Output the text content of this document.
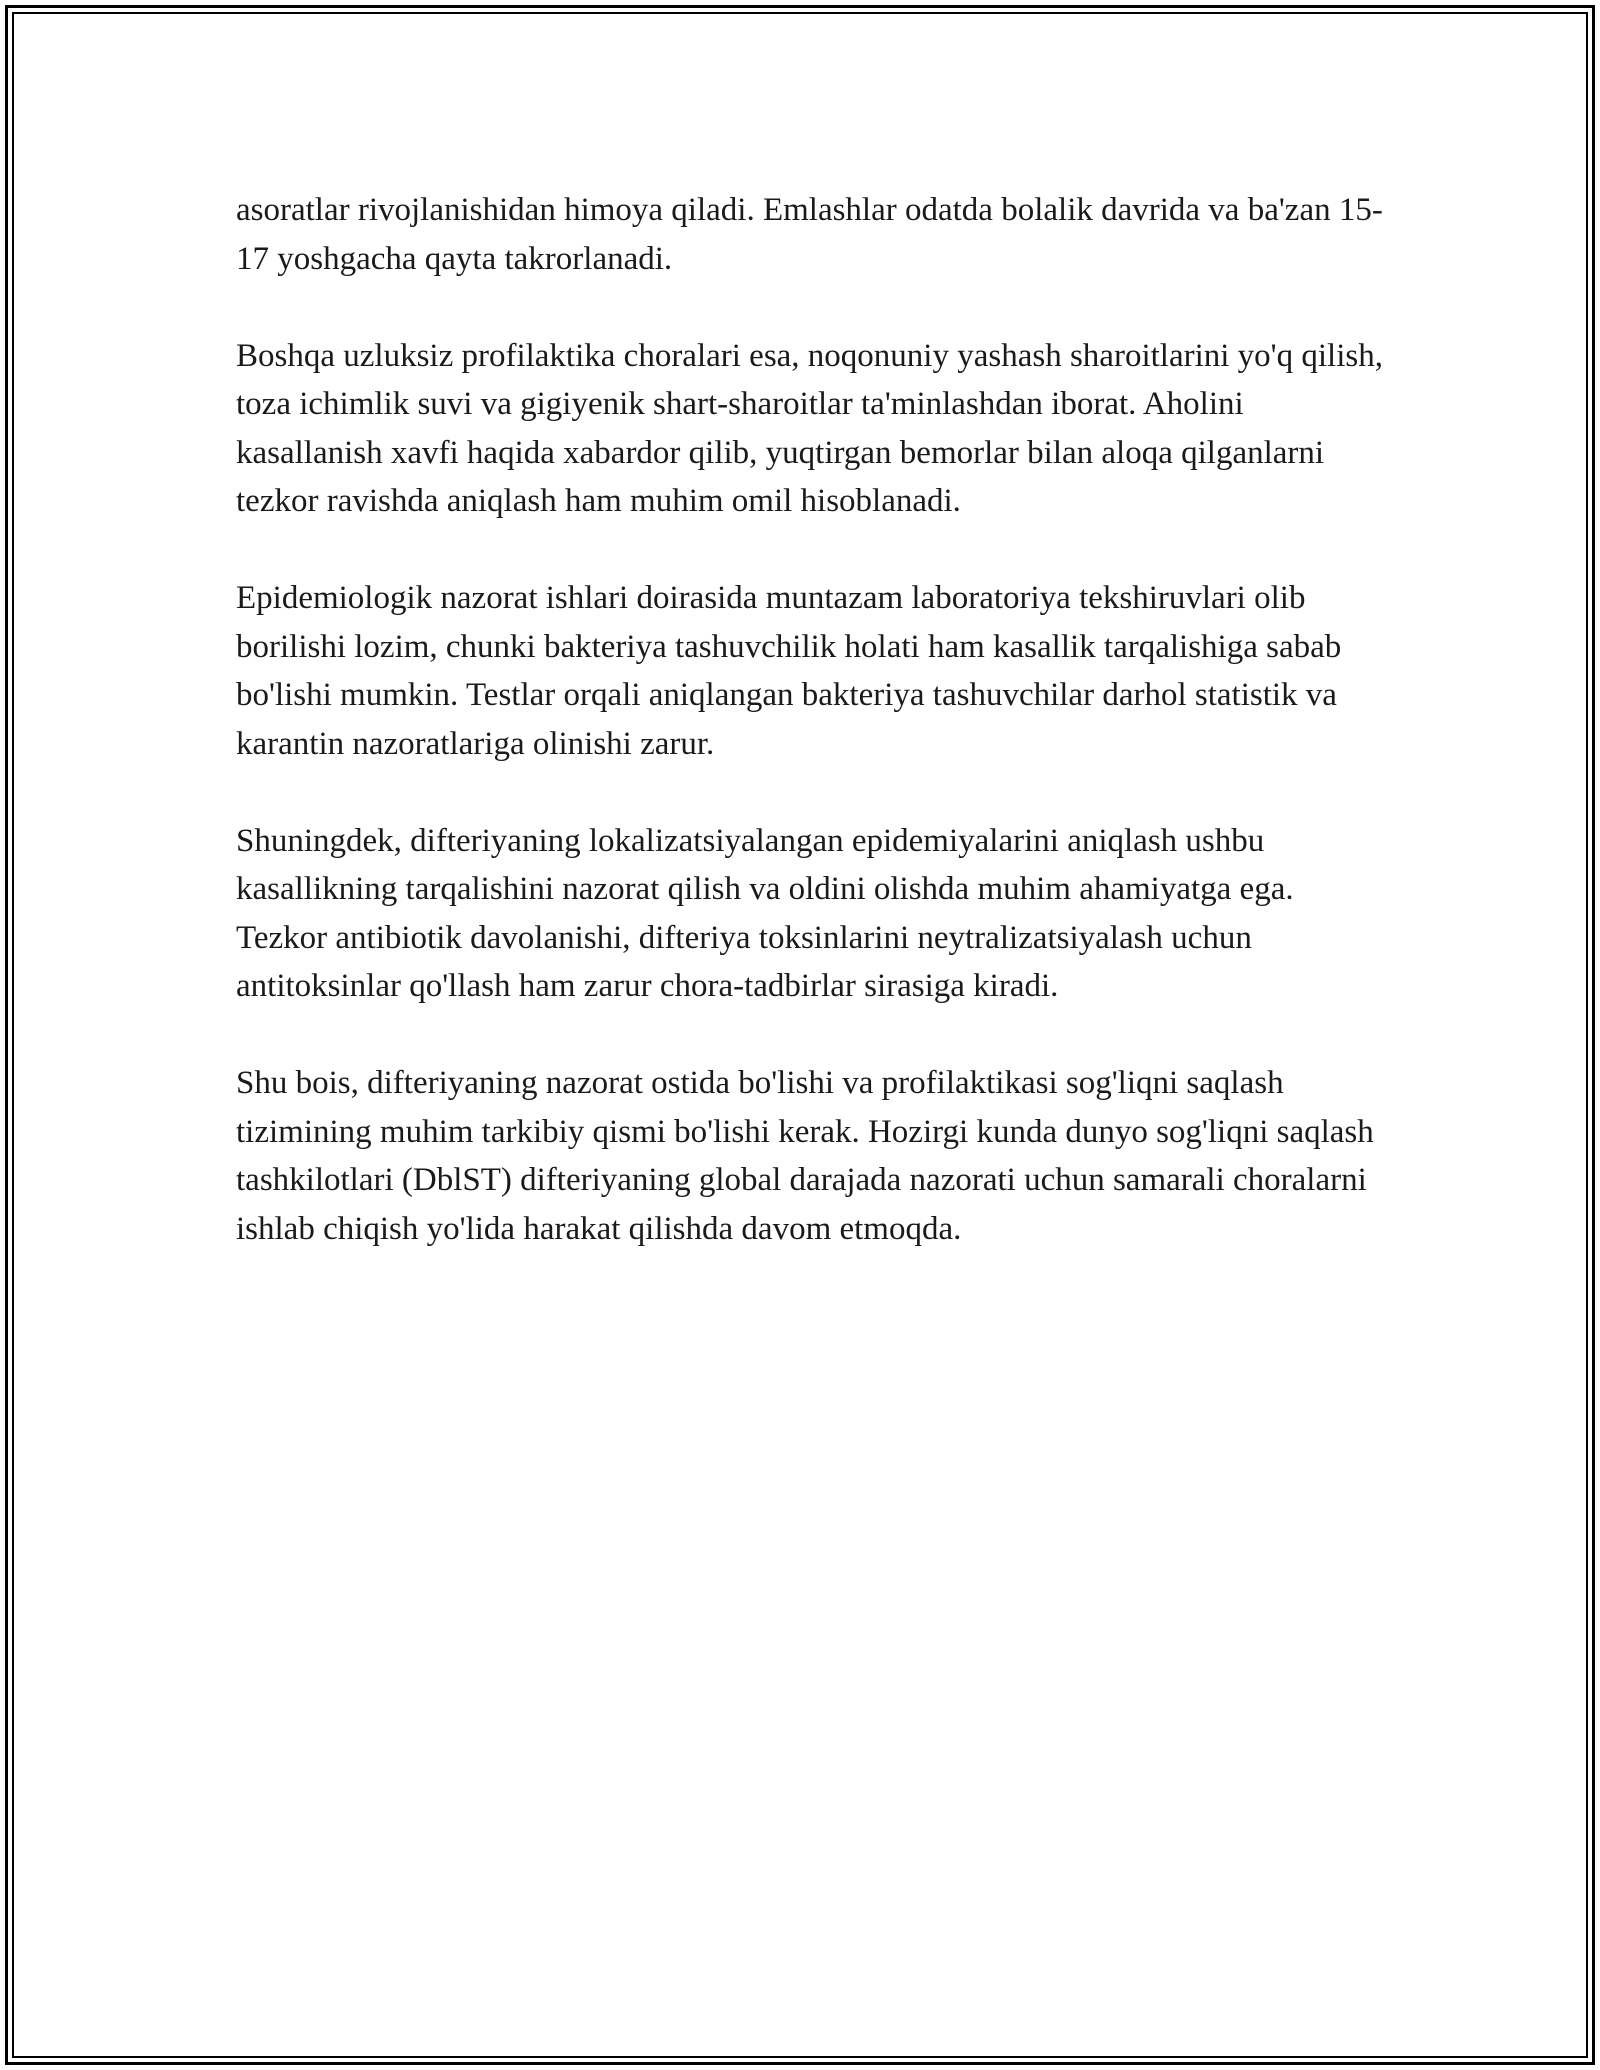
asoratlar rivojlanishidan himoya qiladi. Emlashlar odatda bolalik davrida va ba'zan 15-17 yoshgacha qayta takrorlanadi.

Boshqa uzluksiz profilaktika choralari esa, noqonuniy yashash sharoitlarini yo'q qilish, toza ichimlik suvi va gigiyenik shart-sharoitlar ta'minlashdan iborat. Aholini kasallanish xavfi haqida xabardor qilib, yuqtirgan bemorlar bilan aloqa qilganlarni tezkor ravishda aniqlash ham muhim omil hisoblanadi.

Epidemiologik nazorat ishlari doirasida muntazam laboratoriya tekshiruvlari olib borilishi lozim, chunki bakteriya tashuvchilik holati ham kasallik tarqalishiga sabab bo'lishi mumkin. Testlar orqali aniqlangan bakteriya tashuvchilar darhol statistik va karantin nazoratlariga olinishi zarur.

Shuningdek, difteriyaning lokalizatsiyalangan epidemiyalarini aniqlash ushbu kasallikning tarqalishini nazorat qilish va oldini olishda muhim ahamiyatga ega. Tezkor antibiotik davolanishi, difteriya toksinlarini neytralizatsiyalash uchun antitoksinlar qo'llash ham zarur chora-tadbirlar sirasiga kiradi.

Shu bois, difteriyaning nazorat ostida bo'lishi va profilaktikasi sog'liqni saqlash tizimining muhim tarkibiy qismi bo'lishi kerak. Hozirgi kunda dunyo sog'liqni saqlash tashkilotlari (DblST) difteriyaning global darajada nazorati uchun samarali choralarni ishlab chiqish yo'lida harakat qilishda davom etmoqda.
